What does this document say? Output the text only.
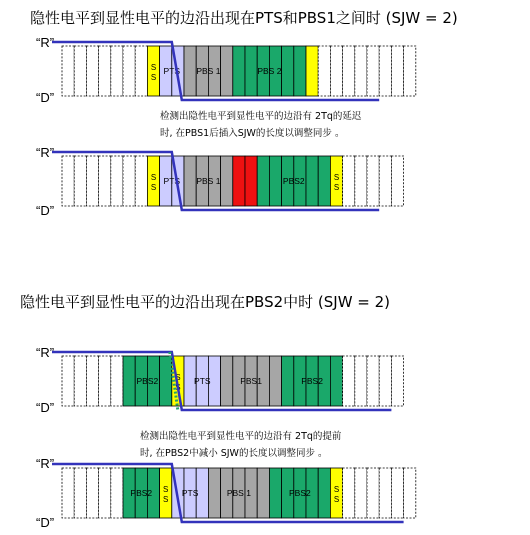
隐性电平到显性电平的边沿出现在PTS和PBS1之间时 (SJW = 2)
“R”
“D”
S
S
PTS PBS 1	PBS 2
检测出隐性电平到显性电平的边沿有 2Tq的延迟
时, 在PBS1后插入SJW的长度以调整同步 。
“R”
“D”
S
S
PTS PBS 1	PBS2	S
S
隐性电平到显性电平的边沿出现在PBS2中时 (SJW = 2)
“R”
“D”
PBS2 S
S
PTS	PBS1	PBS2
检测出隐性电平到显性电平的边沿有 2Tq的提前
时, 在PBS2中减小 SJW的长度以调整同步 。
“R”
“D”
PBS2 S
S
PTS	PBS 1	PBS2	S
S
